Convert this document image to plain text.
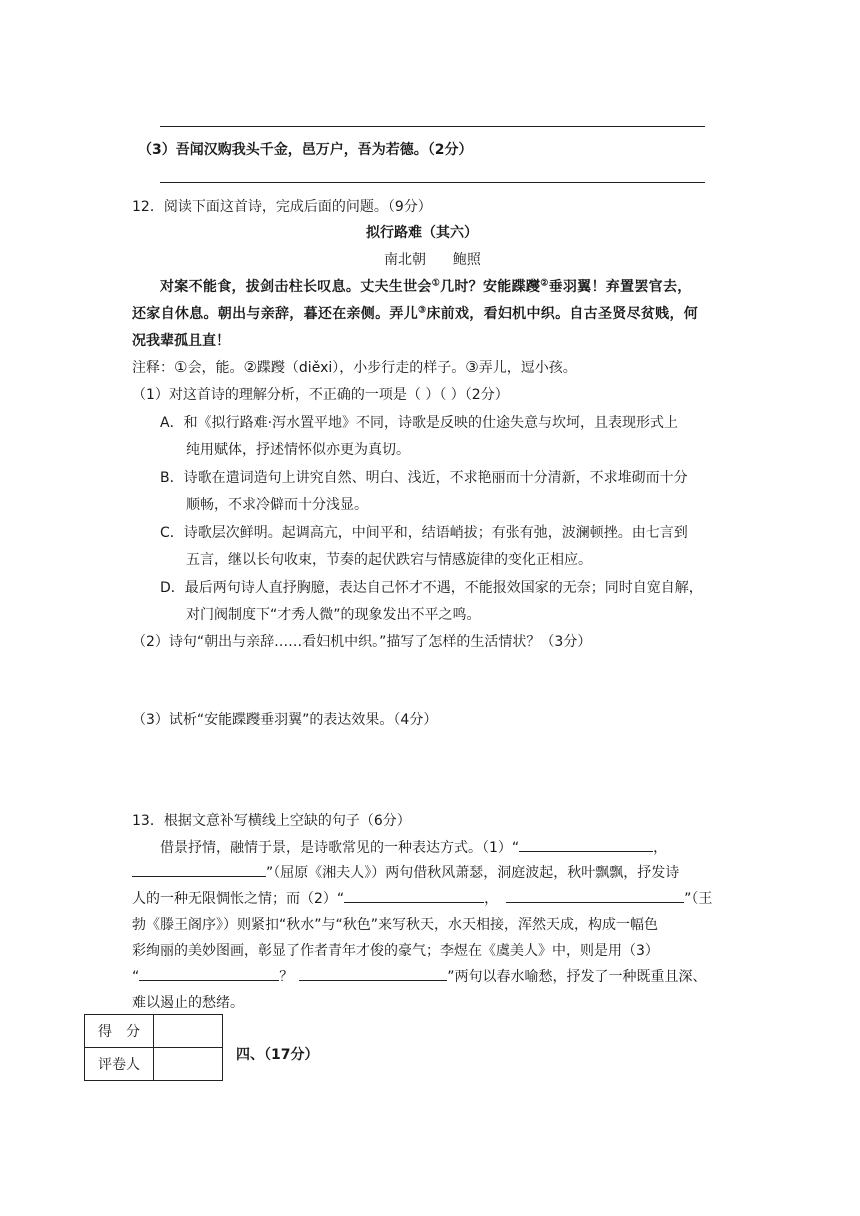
（3）吾闻汉购我头千金，邑万户，吾为若德。（2分）
12．阅读下面这首诗，完成后面的问题。（9分）
拟行路难（其六）
南北朝 鲍照
对案不能食，拔剑击柱长叹息。丈夫生世会①几时？安能蹀躞②垂羽翼！弃置罢官去，
还家自休息。朝出与亲辞，暮还在亲侧。弄儿③床前戏，看妇机中织。自古圣贤尽贫贱，何
况我辈孤且直！
注释：①会，能。②蹀躞（diěxi），小步行走的样子。③弄儿，逗小孩。
（1）对这首诗的理解分析，不正确的一项是（ ）（ ）（2分）
A．和《拟行路难·泻水置平地》不同，诗歌是反映的仕途失意与坎坷，且表现形式上
纯用赋体，抒述情怀似亦更为真切。
B．诗歌在遣词造句上讲究自然、明白、浅近，不求艳丽而十分清新，不求堆砌而十分
顺畅，不求冷僻而十分浅显。
C．诗歌层次鲜明。起调高亢，中间平和，结语峭拔；有张有弛，波澜顿挫。由七言到
五言，继以长句收束，节奏的起伏跌宕与情感旋律的变化正相应。
D．最后两句诗人直抒胸臆，表达自己怀才不遇，不能报效国家的无奈；同时自宽自解，
对门阀制度下“才秀人微”的现象发出不平之鸣。
（2）诗句“朝出与亲辞……看妇机中织。”描写了怎样的生活情状？（3分）
（3）试析“安能蹀躞垂羽翼”的表达效果。（4分）
13．根据文意补写横线上空缺的句子（6分）
借景抒情，融情于景，是诗歌常见的一种表达方式。（1）“	，
”（屈原《湘夫人》）两句借秋风萧瑟，洞庭波起，秋叶飘飘，抒发诗
人的一种无限惆怅之情；而（2）“	，	”（王
勃《滕王阁序》）则紧扣“秋水”与“秋色”来写秋天，水天相接，浑然天成，构成一幅色
彩绚丽的美妙图画，彰显了作者青年才俊的豪气；李煜在《虞美人》中，则是用（3）
“	？	”两句以春水喻愁，抒发了一种既重且深、
难以遏止的愁绪。
得　分	
评卷人	
四、（17分）
